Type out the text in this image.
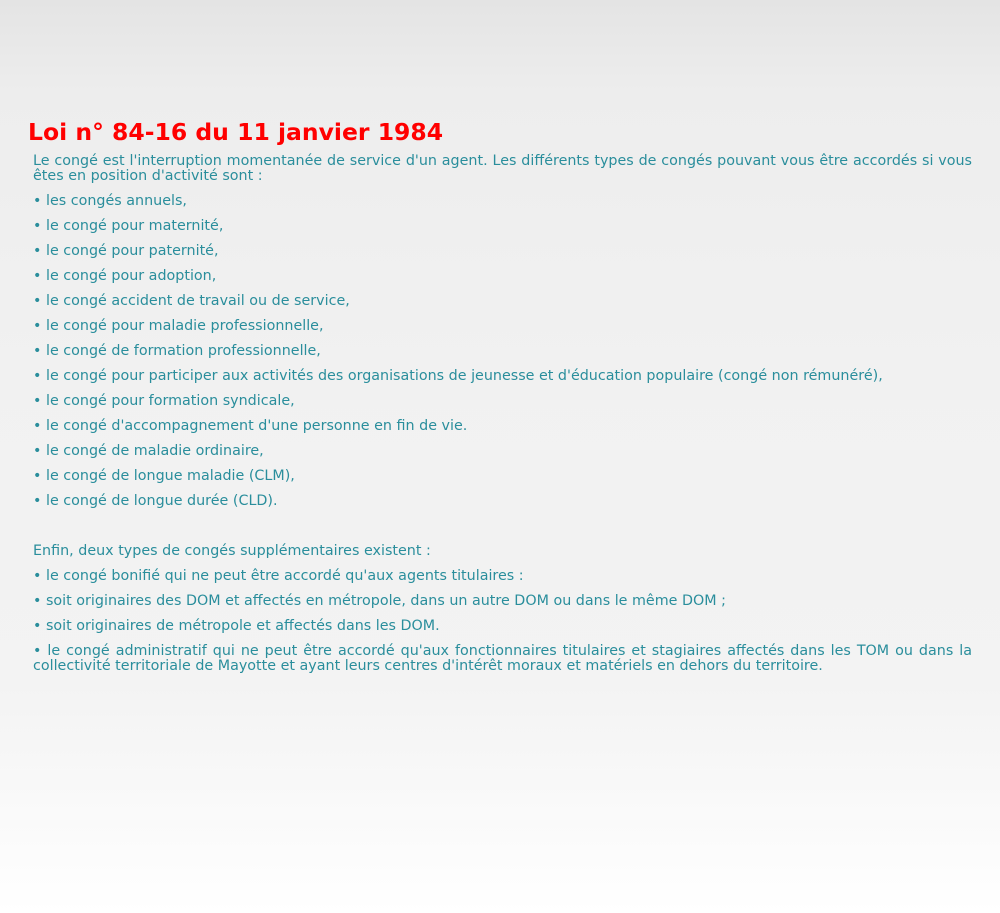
Loi n° 84-16 du 11 janvier 1984

Le congé est l'interruption momentanée de service d'un agent. Les différents types de congés pouvant vous être accordés si vous êtes en position d'activité sont :

• les congés annuels,

• le congé pour maternité,

• le congé pour paternité,

• le congé pour adoption,

• le congé accident de travail ou de service,

• le congé pour maladie professionnelle,

• le congé de formation professionnelle,

• le congé pour participer aux activités des organisations de jeunesse et d'éducation populaire (congé non rémunéré),

• le congé pour formation syndicale,

• le congé d'accompagnement d'une personne en fin de vie.

• le congé de maladie ordinaire,

• le congé de longue maladie (CLM),

• le congé de longue durée (CLD).

Enfin, deux types de congés supplémentaires existent :

• le congé bonifié qui ne peut être accordé qu'aux agents titulaires :

• soit originaires des DOM et affectés en métropole, dans un autre DOM ou dans le même DOM ;

• soit originaires de métropole et affectés dans les DOM.

• le congé administratif qui ne peut être accordé qu'aux fonctionnaires titulaires et stagiaires affectés dans les TOM ou dans la collectivité territoriale de Mayotte et ayant leurs centres d'intérêt moraux et matériels en dehors du territoire.
